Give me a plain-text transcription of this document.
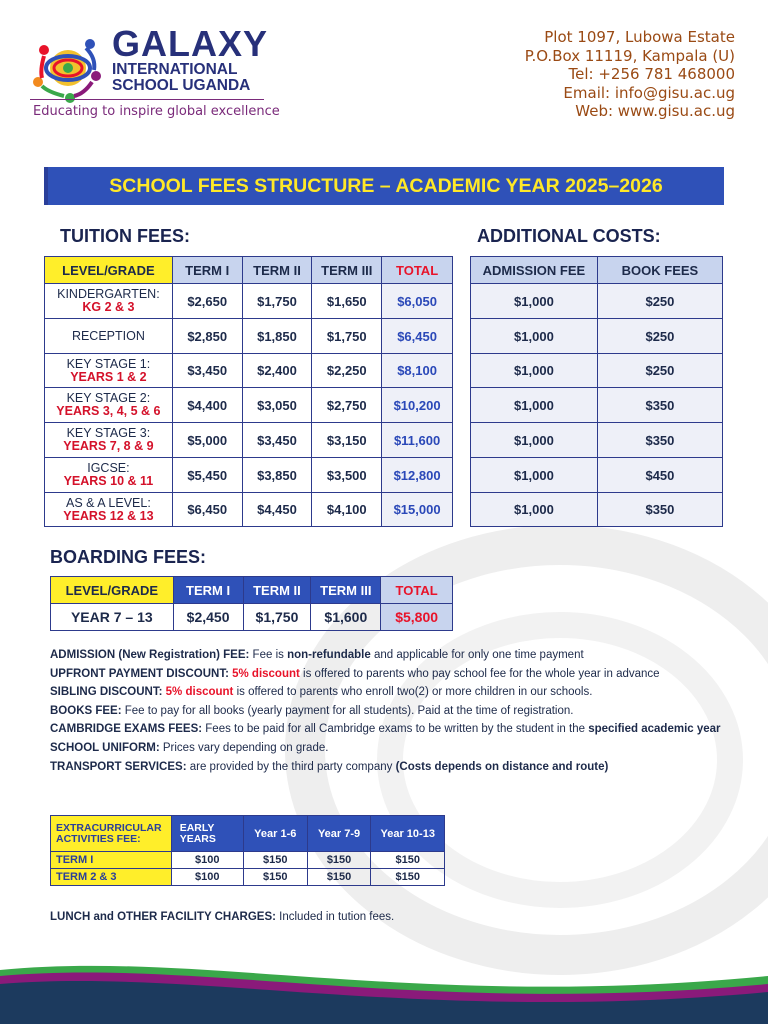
GALAXY
INTERNATIONAL
SCHOOL UGANDA
Educating to inspire global excellence
Plot 1097, Lubowa Estate
P.O.Box 11119, Kampala (U)
Tel: +256 781 468000
Email: info@gisu.ac.ug
Web: www.gisu.ac.ug
SCHOOL FEES STRUCTURE – ACADEMIC YEAR 2025–2026
TUITION FEES:	ADDITIONAL COSTS:
LEVEL/GRADE	TERM I	TERM II	TERM III	TOTAL

KINDERGARTEN:
KG 2 & 3	$2,650	$1,750	$1,650	$6,050

RECEPTION	$2,850	$1,850	$1,750	$6,450

KEY STAGE 1:
YEARS 1 & 2	$3,450	$2,400	$2,250	$8,100

KEY STAGE 2:
YEARS 3, 4, 5 & 6	$4,400	$3,050	$2,750	$10,200

KEY STAGE 3:
YEARS 7, 8 & 9	$5,000	$3,450	$3,150	$11,600

IGCSE:
YEARS 10 & 11	$5,450	$3,850	$3,500	$12,800

AS & A LEVEL:
YEARS 12 & 13	$6,450	$4,450	$4,100	$15,000
ADMISSION FEE	BOOK FEES
$1,000	$250
$1,000	$250
$1,000	$250
$1,000	$350
$1,000	$350
$1,000	$450
$1,000	$350
BOARDING FEES:
LEVEL/GRADE	TERM I	TERM II	TERM III	TOTAL
YEAR 7 – 13	$2,450	$1,750	$1,600	$5,800

ADMISSION (New Registration) FEE: Fee is non-refundable and applicable for only one time payment

UPFRONT PAYMENT DISCOUNT: 5% discount is offered to parents who pay school fee for the whole year in advance

SIBLING DISCOUNT: 5% discount is offered to parents who enroll two(2) or more children in our schools.

BOOKS FEE: Fee to pay for all books (yearly payment for all students). Paid at the time of registration.

CAMBRIDGE EXAMS FEES: Fees to be paid for all Cambridge exams to be written by the student in the specified academic year

SCHOOL UNIFORM: Prices vary depending on grade.

TRANSPORT SERVICES: are provided by the third party company (Costs depends on distance and route)

EXTRACURRICULAR ACTIVITIES FEE:	EARLY YEARS	Year 1-6	Year 7-9	Year 10-13
TERM I	$100	$150	$150	$150
TERM 2 & 3	$100	$150	$150	$150
LUNCH and OTHER FACILITY CHARGES: Included in tution fees.
